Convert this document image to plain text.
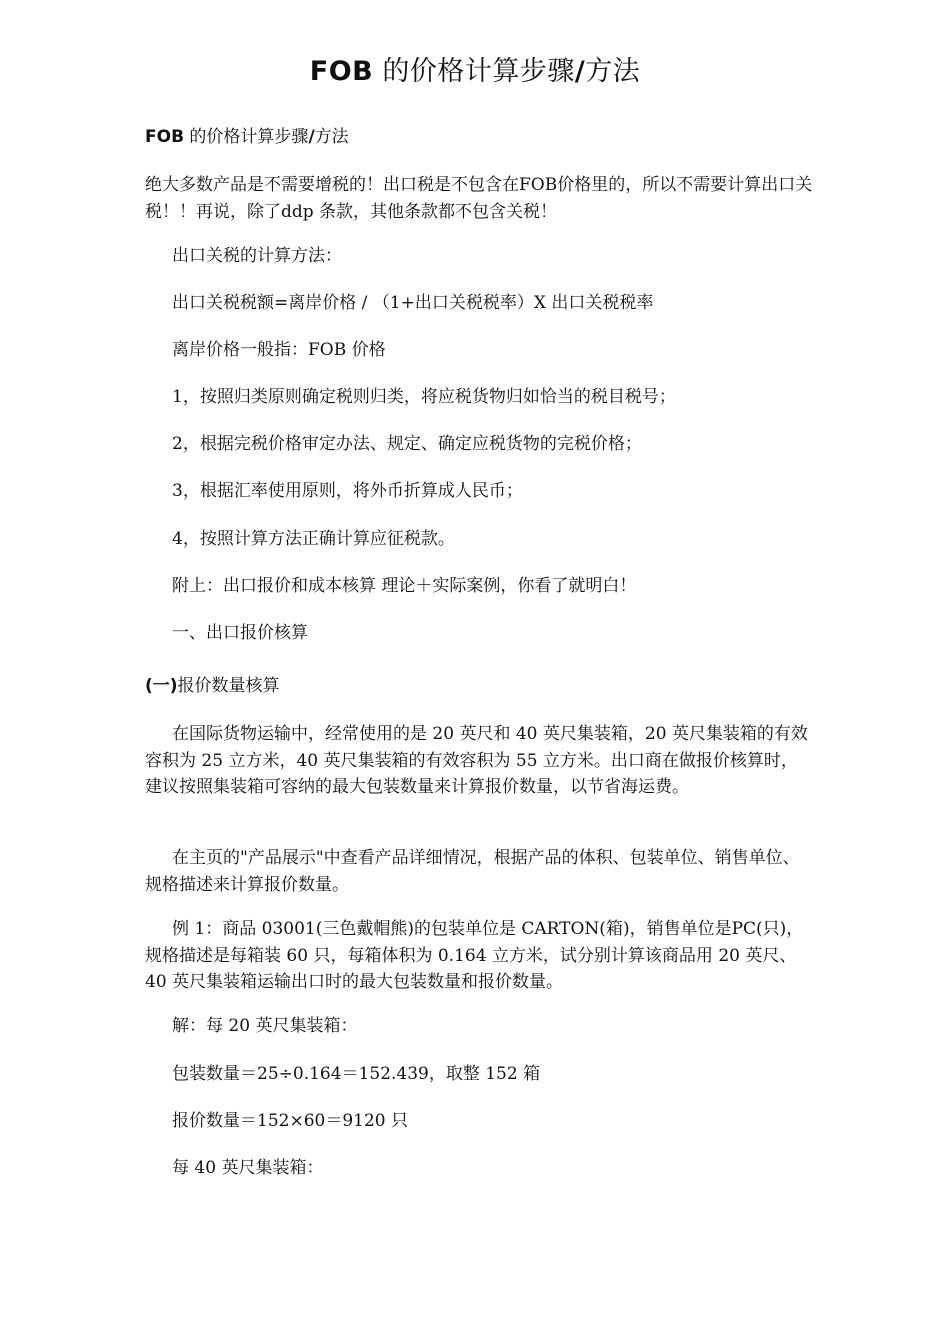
FOB 的价格计算步骤/方法
FOB 的价格计算步骤/方法
绝大多数产品是不需要增税的！出口税是不包含在FOB价格里的，所以不需要计算出口关税！！再说，除了ddp 条款，其他条款都不包含关税！
出口关税的计算方法：
出口关税税额=离岸价格 / （1+出口关税税率）X 出口关税税率
离岸价格一般指：FOB 价格
1，按照归类原则确定税则归类，将应税货物归如恰当的税目税号；
2，根据完税价格审定办法、规定、确定应税货物的完税价格；
3，根据汇率使用原则，将外币折算成人民币；
4，按照计算方法正确计算应征税款。
附上：出口报价和成本核算 理论＋实际案例，你看了就明白！
一、出口报价核算
(一)报价数量核算
在国际货物运输中，经常使用的是 20 英尺和 40 英尺集装箱，20 英尺集装箱的有效容积为 25 立方米，40 英尺集装箱的有效容积为 55 立方米。出口商在做报价核算时，建议按照集装箱可容纳的最大包装数量来计算报价数量，以节省海运费。
在主页的"产品展示"中查看产品详细情况，根据产品的体积、包装单位、销售单位、规格描述来计算报价数量。
例 1：商品 03001(三色戴帽熊)的包装单位是 CARTON(箱)，销售单位是PC(只)，规格描述是每箱装 60 只，每箱体积为 0.164 立方米，试分别计算该商品用 20 英尺、40 英尺集装箱运输出口时的最大包装数量和报价数量。
解：每 20 英尺集装箱：
包装数量＝25÷0.164＝152.439，取整 152 箱
报价数量＝152×60＝9120 只
每 40 英尺集装箱：
